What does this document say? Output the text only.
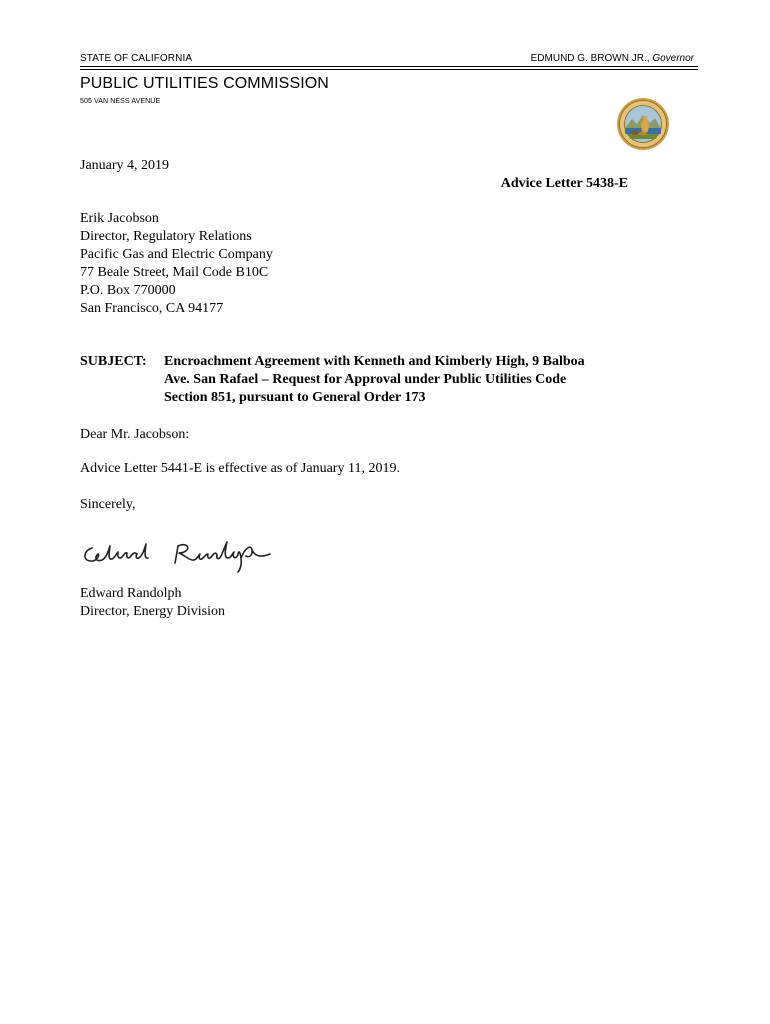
STATE OF CALIFORNIA	EDMUND G. BROWN JR., Governor
PUBLIC UTILITIES COMMISSION
505 VAN NESS AVENUE
January 4, 2019
Advice Letter 5438-E
Erik Jacobson
Director, Regulatory Relations
Pacific Gas and Electric Company
77 Beale Street, Mail Code B10C
P.O. Box 770000
San Francisco, CA 94177
SUBJECT: Encroachment Agreement with Kenneth and Kimberly High, 9 Balboa
Ave. San Rafael – Request for Approval under Public Utilities Code
Section 851, pursuant to General Order 173
Dear Mr. Jacobson:
Advice Letter 5441-E is effective as of January 11, 2019.
Sincerely,
Edward Randolph
Director, Energy Division
